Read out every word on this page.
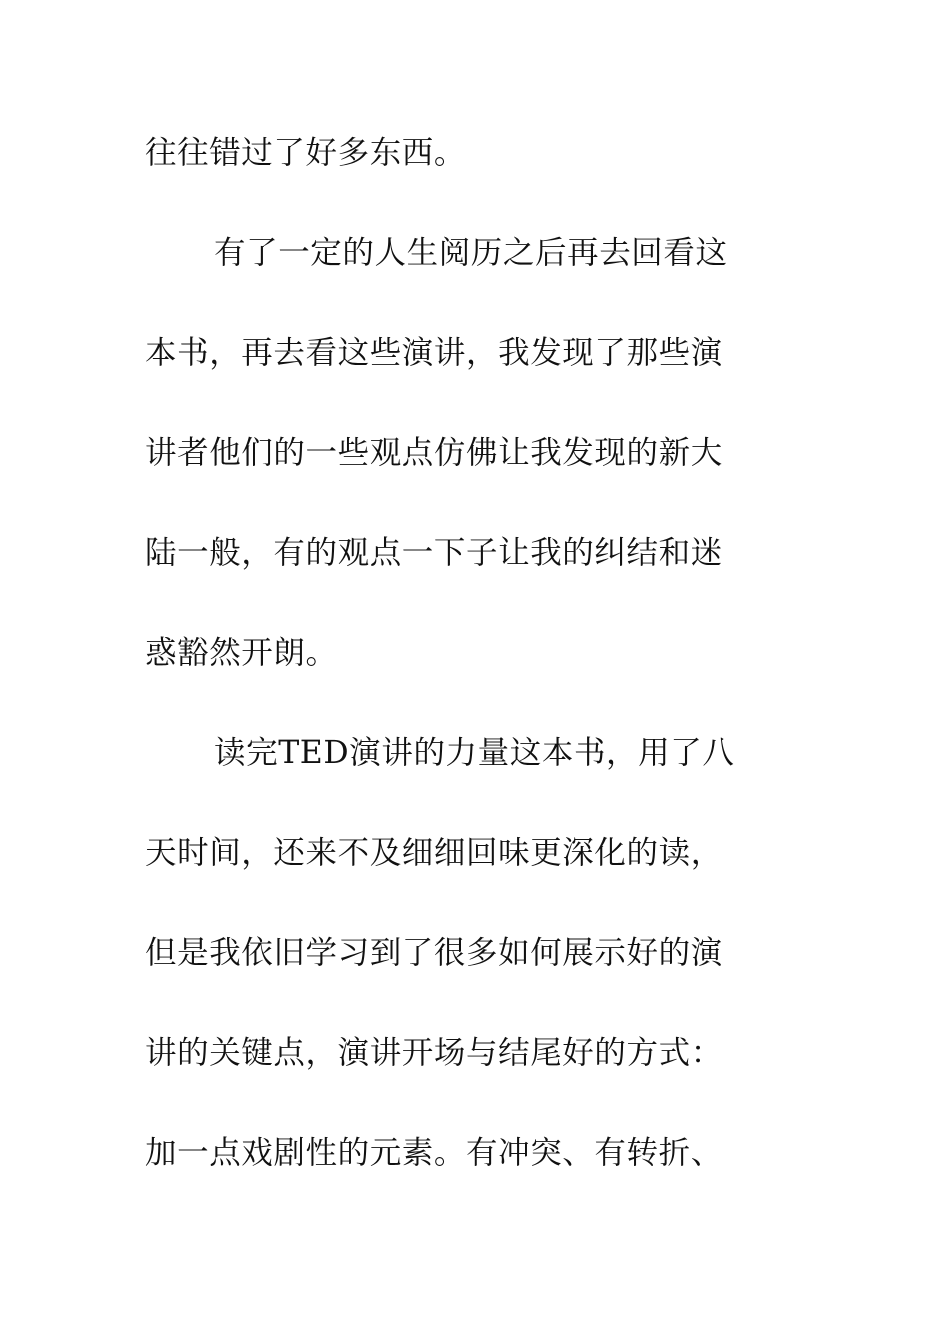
往往错过了好多东西。
有了一定的人生阅历之后再去回看这
本书，再去看这些演讲，我发现了那些演
讲者他们的一些观点仿佛让我发现的新大
陆一般，有的观点一下子让我的纠结和迷
惑豁然开朗。
读完TED演讲的力量这本书，用了八
天时间，还来不及细细回味更深化的读，
但是我依旧学习到了很多如何展示好的演
讲的关键点，演讲开场与结尾好的方式：
加一点戏剧性的元素。有冲突、有转折、
